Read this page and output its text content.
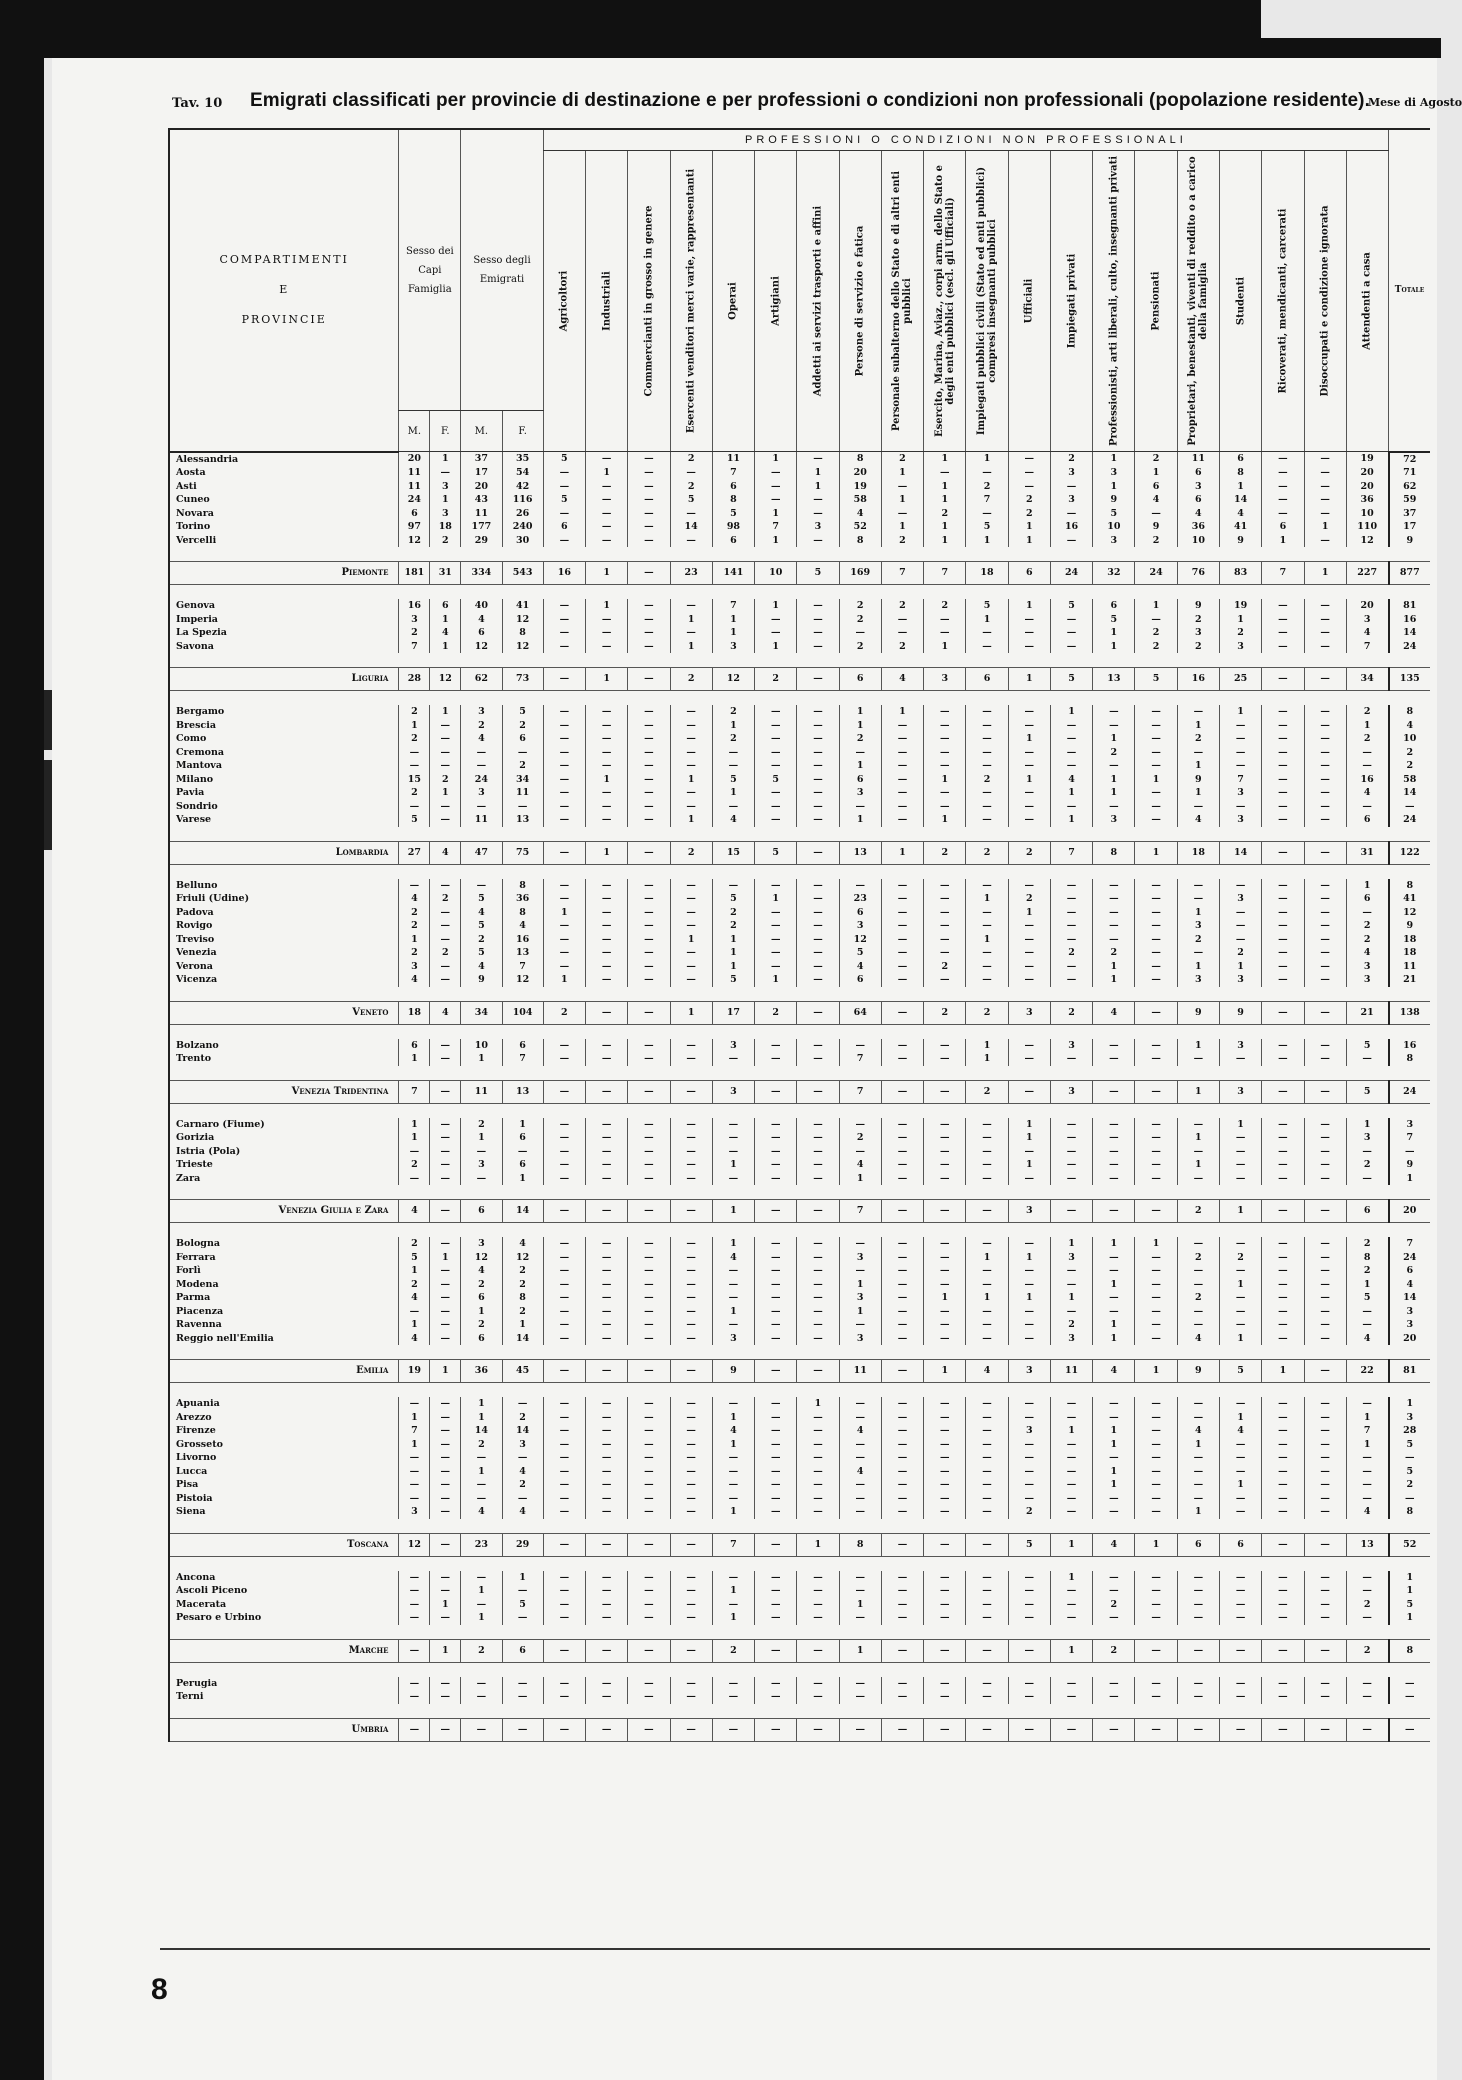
Tav. 10 Emigrati classificati per provincie di destinazione e per professioni o condizioni non professionali (popolazione residente).
Mese di Agosto
COMPARTIMENTI
E
PROVINCIE	Sesso dei Capi Famiglia		Sesso degli Emigrati		PROFESSIONI O CONDIZIONI NON PROFESSIONALI																				Totale

					Agricoltori	Industriali	Commercianti in grosso in genere	Esercenti venditori merci varie, rappresentanti	Operai	Artigiani	Addetti ai servizi trasporti e affini	Persone di servizio e fatica	Personale subalterno dello Stato e di altri enti pubblici	Esercito, Marina, Aviaz., corpi arm. dello Stato e degli enti pubblici (escl. gli Ufficiali)	Impiegati pubblici civili (Stato ed enti pubblici) compresi insegnanti pubblici	Ufficiali	Impiegati privati	Professionisti, arti liberali, culto, insegnanti privati	Pensionati	Proprietari, benestanti, viventi di reddito o a carico della famiglia	Studenti	Ricoverati, mendicanti, carcerati	Disoccupati e condizione ignorata	Attendenti a casa	

	M.	F.	M.	F.																					
Alessandria	20	1	37	35	5	—	—	2	11	1	—	8	2	1	1	—	2	1	2	11	6	—	—	19	72
Aosta	11	—	17	54	—	1	—	—	7	—	1	20	1	—	—	—	3	3	1	6	8	—	—	20	71
Asti	11	3	20	42	—	—	—	2	6	—	1	19	—	1	2	—	—	1	6	3	1	—	—	20	62
Cuneo	24	1	43	116	5	—	—	5	8	—	—	58	1	1	7	2	3	9	4	6	14	—	—	36	59
Novara	6	3	11	26	—	—	—	—	5	1	—	4	—	2	—	2	—	5	—	4	4	—	—	10	37
Torino	97	18	177	240	6	—	—	14	98	7	3	52	1	1	5	1	16	10	9	36	41	6	1	110	17
Vercelli	12	2	29	30	—	—	—	—	6	1	—	8	2	1	1	1	—	3	2	10	9	1	—	12	9

Piemonte	181	31	334	543	16	1	—	23	141	10	5	169	7	7	18	6	24	32	24	76	83	7	1	227	877

Genova	16	6	40	41	—	1	—	—	7	1	—	2	2	2	5	1	5	6	1	9	19	—	—	20	81
Imperia	3	1	4	12	—	—	—	1	1	—	—	2	—	—	1	—	—	5	—	2	1	—	—	3	16
La Spezia	2	4	6	8	—	—	—	—	1	—	—	—	—	—	—	—	—	1	2	3	2	—	—	4	14
Savona	7	1	12	12	—	—	—	1	3	1	—	2	2	1	—	—	—	1	2	2	3	—	—	7	24

Liguria	28	12	62	73	—	1	—	2	12	2	—	6	4	3	6	1	5	13	5	16	25	—	—	34	135

Bergamo	2	1	3	5	—	—	—	—	2	—	—	1	1	—	—	—	1	—	—	—	1	—	—	2	8
Brescia	1	—	2	2	—	—	—	—	1	—	—	1	—	—	—	—	—	—	—	1	—	—	—	1	4
Como	2	—	4	6	—	—	—	—	2	—	—	2	—	—	—	1	—	1	—	2	—	—	—	2	10
Cremona	—	—	—	—	—	—	—	—	—	—	—	—	—	—	—	—	—	2	—	—	—	—	—	—	2
Mantova	—	—	—	2	—	—	—	—	—	—	—	1	—	—	—	—	—	—	—	1	—	—	—	—	2
Milano	15	2	24	34	—	1	—	1	5	5	—	6	—	1	2	1	4	1	1	9	7	—	—	16	58
Pavia	2	1	3	11	—	—	—	—	1	—	—	3	—	—	—	—	1	1	—	1	3	—	—	4	14
Sondrio	—	—	—	—	—	—	—	—	—	—	—	—	—	—	—	—	—	—	—	—	—	—	—	—	—
Varese	5	—	11	13	—	—	—	1	4	—	—	1	—	1	—	—	1	3	—	4	3	—	—	6	24

Lombardia	27	4	47	75	—	1	—	2	15	5	—	13	1	2	2	2	7	8	1	18	14	—	—	31	122

Belluno	—	—	—	8	—	—	—	—	—	—	—	—	—	—	—	—	—	—	—	—	—	—	—	1	8
Friuli (Udine)	4	2	5	36	—	—	—	—	5	1	—	23	—	—	1	2	—	—	—	—	3	—	—	6	41
Padova	2	—	4	8	1	—	—	—	2	—	—	6	—	—	—	1	—	—	—	1	—	—	—	—	12
Rovigo	2	—	5	4	—	—	—	—	2	—	—	3	—	—	—	—	—	—	—	3	—	—	—	2	9
Treviso	1	—	2	16	—	—	—	1	1	—	—	12	—	—	1	—	—	—	—	2	—	—	—	2	18
Venezia	2	2	5	13	—	—	—	—	1	—	—	5	—	—	—	—	2	2	—	—	2	—	—	4	18
Verona	3	—	4	7	—	—	—	—	1	—	—	4	—	2	—	—	—	1	—	1	1	—	—	3	11
Vicenza	4	—	9	12	1	—	—	—	5	1	—	6	—	—	—	—	—	1	—	3	3	—	—	3	21

Veneto	18	4	34	104	2	—	—	1	17	2	—	64	—	2	2	3	2	4	—	9	9	—	—	21	138

Bolzano	6	—	10	6	—	—	—	—	3	—	—	—	—	—	1	—	3	—	—	1	3	—	—	5	16
Trento	1	—	1	7	—	—	—	—	—	—	—	7	—	—	1	—	—	—	—	—	—	—	—	—	8

Venezia Tridentina	7	—	11	13	—	—	—	—	3	—	—	7	—	—	2	—	3	—	—	1	3	—	—	5	24

Carnaro (Fiume)	1	—	2	1	—	—	—	—	—	—	—	—	—	—	—	1	—	—	—	—	1	—	—	1	3
Gorizia	1	—	1	6	—	—	—	—	—	—	—	2	—	—	—	1	—	—	—	1	—	—	—	3	7
Istria (Pola)	—	—	—	—	—	—	—	—	—	—	—	—	—	—	—	—	—	—	—	—	—	—	—	—	—
Trieste	2	—	3	6	—	—	—	—	1	—	—	4	—	—	—	1	—	—	—	1	—	—	—	2	9
Zara	—	—	—	1	—	—	—	—	—	—	—	1	—	—	—	—	—	—	—	—	—	—	—	—	1

Venezia Giulia e Zara	4	—	6	14	—	—	—	—	1	—	—	7	—	—	—	3	—	—	—	2	1	—	—	6	20

Bologna	2	—	3	4	—	—	—	—	1	—	—	—	—	—	—	—	1	1	1	—	—	—	—	2	7
Ferrara	5	1	12	12	—	—	—	—	4	—	—	3	—	—	1	1	3	—	—	2	2	—	—	8	24
Forlì	1	—	4	2	—	—	—	—	—	—	—	—	—	—	—	—	—	—	—	—	—	—	—	2	6
Modena	2	—	2	2	—	—	—	—	—	—	—	1	—	—	—	—	—	1	—	—	1	—	—	1	4
Parma	4	—	6	8	—	—	—	—	—	—	—	3	—	1	1	1	1	—	—	2	—	—	—	5	14
Piacenza	—	—	1	2	—	—	—	—	1	—	—	1	—	—	—	—	—	—	—	—	—	—	—	—	3
Ravenna	1	—	2	1	—	—	—	—	—	—	—	—	—	—	—	—	2	1	—	—	—	—	—	—	3
Reggio nell'Emilia	4	—	6	14	—	—	—	—	3	—	—	3	—	—	—	—	3	1	—	4	1	—	—	4	20

Emilia	19	1	36	45	—	—	—	—	9	—	—	11	—	1	4	3	11	4	1	9	5	1	—	22	81

Apuania	—	—	1	—	—	—	—	—	—	—	1	—	—	—	—	—	—	—	—	—	—	—	—	—	1
Arezzo	1	—	1	2	—	—	—	—	1	—	—	—	—	—	—	—	—	—	—	—	1	—	—	1	3
Firenze	7	—	14	14	—	—	—	—	4	—	—	4	—	—	—	3	1	1	—	4	4	—	—	7	28
Grosseto	1	—	2	3	—	—	—	—	1	—	—	—	—	—	—	—	—	1	—	1	—	—	—	1	5
Livorno	—	—	—	—	—	—	—	—	—	—	—	—	—	—	—	—	—	—	—	—	—	—	—	—	—
Lucca	—	—	1	4	—	—	—	—	—	—	—	4	—	—	—	—	—	1	—	—	—	—	—	—	5
Pisa	—	—	—	2	—	—	—	—	—	—	—	—	—	—	—	—	—	1	—	—	1	—	—	—	2
Pistoia	—	—	—	—	—	—	—	—	—	—	—	—	—	—	—	—	—	—	—	—	—	—	—	—	—
Siena	3	—	4	4	—	—	—	—	1	—	—	—	—	—	—	2	—	—	—	1	—	—	—	4	8

Toscana	12	—	23	29	—	—	—	—	7	—	1	8	—	—	—	5	1	4	1	6	6	—	—	13	52

Ancona	—	—	—	1	—	—	—	—	—	—	—	—	—	—	—	—	1	—	—	—	—	—	—	—	1
Ascoli Piceno	—	—	1	—	—	—	—	—	1	—	—	—	—	—	—	—	—	—	—	—	—	—	—	—	1
Macerata	—	1	—	5	—	—	—	—	—	—	—	1	—	—	—	—	—	2	—	—	—	—	—	2	5
Pesaro e Urbino	—	—	1	—	—	—	—	—	1	—	—	—	—	—	—	—	—	—	—	—	—	—	—	—	1

Marche	—	1	2	6	—	—	—	—	2	—	—	1	—	—	—	—	1	2	—	—	—	—	—	2	8

Perugia	—	—	—	—	—	—	—	—	—	—	—	—	—	—	—	—	—	—	—	—	—	—	—	—	—
Terni	—	—	—	—	—	—	—	—	—	—	—	—	—	—	—	—	—	—	—	—	—	—	—	—	—

Umbria	—	—	—	—	—	—	—	—	—	—	—	—	—	—	—	—	—	—	—	—	—	—	—	—	—
8
